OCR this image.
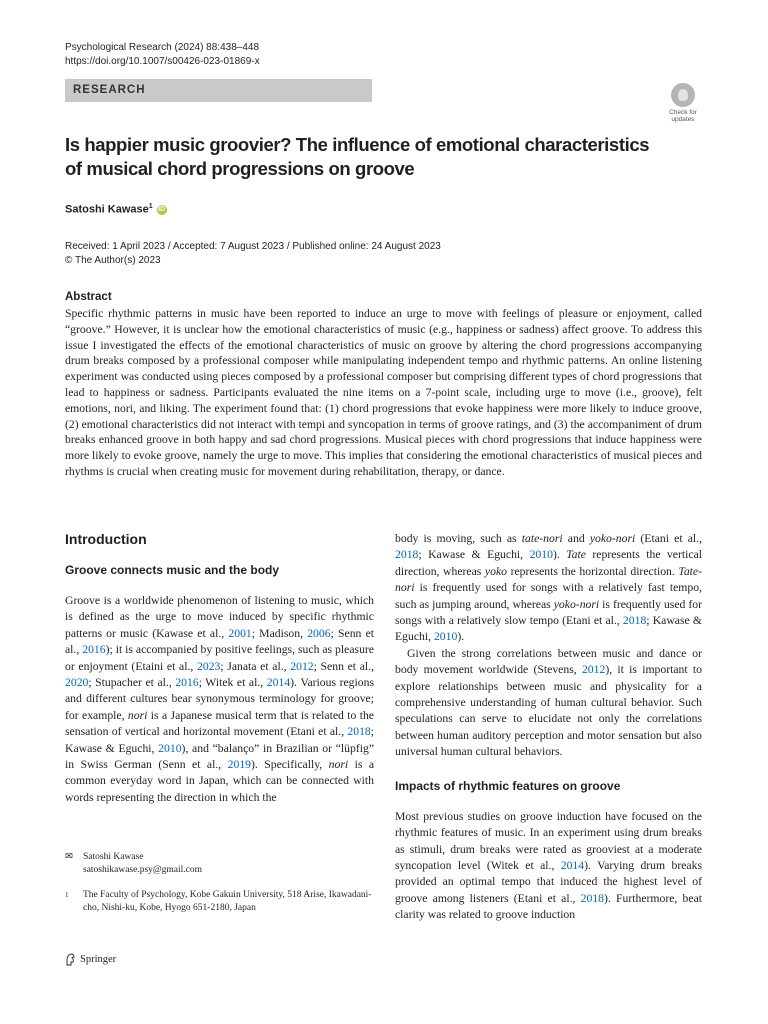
Psychological Research (2024) 88:438–448
https://doi.org/10.1007/s00426-023-01869-x
RESEARCH
Check for updates
Is happier music groovier? The influence of emotional characteristics of musical chord progressions on groove
Satoshi Kawase$^1$ iD
Received: 1 April 2023 / Accepted: 7 August 2023 / Published online: 24 August 2023
© The Author(s) 2023
Abstract
Specific rhythmic patterns in music have been reported to induce an urge to move with feelings of pleasure or enjoyment, called “groove.” However, it is unclear how the emotional characteristics of music (e.g., happiness or sadness) affect groove. To address this issue I investigated the effects of the emotional characteristics of music on groove by altering the chord progressions accompanying drum breaks composed by a professional composer while manipulating independent tempo and rhythmic patterns. An online listening experiment was conducted using pieces composed by a professional composer but comprising different types of chord progressions that lead to happiness or sadness. Participants evaluated the nine items on a 7-point scale, including urge to move (i.e., groove), felt emotions, nori, and liking. The experiment found that: (1) chord progressions that evoke happiness were more likely to induce groove, (2) emotional characteristics did not interact with tempi and syncopation in terms of groove ratings, and (3) the accompaniment of drum breaks enhanced groove in both happy and sad chord progressions. Musical pieces with chord progressions that induce happiness were more likely to evoke groove, namely the urge to move. This implies that considering the emotional characteristics of musical pieces and rhythms is crucial when creating music for movement during rehabilitation, therapy, or dance.
Introduction
Groove connects music and the body

Groove is a worldwide phenomenon of listening to music, which is defined as the urge to move induced by specific rhythmic patterns or music (Kawase et al., 2001; Madison, 2006; Senn et al., 2016); it is accompanied by positive feelings, such as pleasure or enjoyment (Etaini et al., 2023; Janata et al., 2012; Senn et al., 2020; Stupacher et al., 2016; Witek et al., 2014). Various regions and different cultures bear synonymous terminology for groove; for example, nori is a Japanese musical term that is related to the sensation of vertical and horizontal movement (Etani et al., 2018; Kawase & Eguchi, 2010), and “balanço” in Brazilian or “lüpfig” in Swiss German (Senn et al., 2019). Specifically, nori is a common everyday word in Japan, which can be connected with words representing the direction in which the

body is moving, such as tate-nori and yoko-nori (Etani et al., 2018; Kawase & Eguchi, 2010). Tate represents the vertical direction, whereas yoko represents the horizontal direction. Tate-nori is frequently used for songs with a relatively fast tempo, such as jumping around, whereas yoko-nori is frequently used for songs with a relatively slow tempo (Etani et al., 2018; Kawase & Eguchi, 2010).

Given the strong correlations between music and dance or body movement worldwide (Stevens, 2012), it is important to explore relationships between music and physicality for a comprehensive understanding of human cultural behavior. Such speculations can serve to elucidate not only the correlations between human auditory perception and motor sensation but also universal human cultural behaviors.

Impacts of rhythmic features on groove

Most previous studies on groove induction have focused on the rhythmic features of music. In an experiment using drum breaks as stimuli, drum breaks were rated as grooviest at a moderate syncopation level (Witek et al., 2014). Varying drum breaks provided an optimal tempo that induced the highest level of groove among listeners (Etani et al., 2018). Furthermore, beat clarity was related to groove induction

✉	Satoshi Kawase
satoshikawase.psy@gmail.com
1	The Faculty of Psychology, Kobe Gakuin University, 518 Arise, Ikawadani-cho, Nishi-ku, Kobe, Hyogo 651-2180, Japan
Springer
